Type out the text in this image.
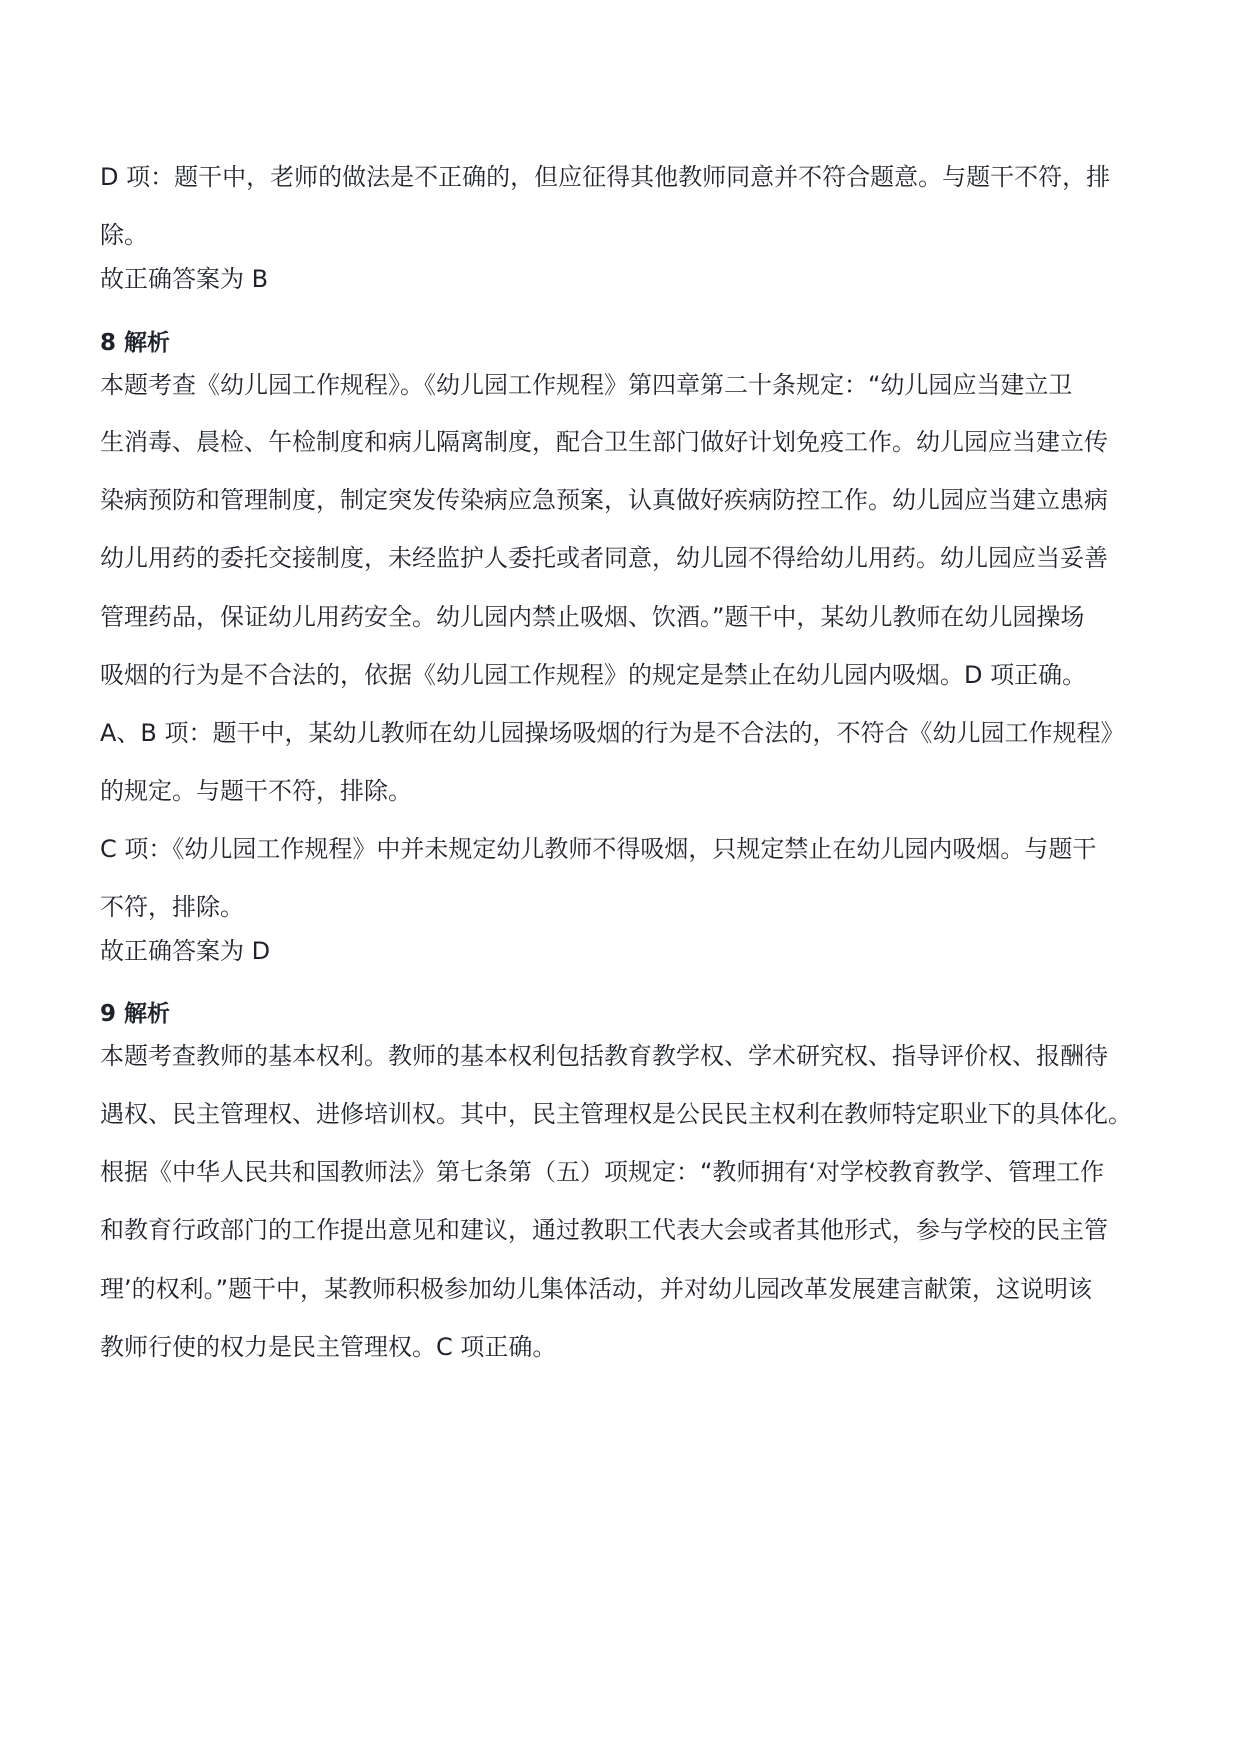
D 项：题干中，老师的做法是不正确的，但应征得其他教师同意并不符合题意。与题干不符，排
除。
故正确答案为 B
8 解析
本题考查《幼儿园工作规程》。《幼儿园工作规程》第四章第二十条规定：“幼儿园应当建立卫
生消毒、晨检、午检制度和病儿隔离制度，配合卫生部门做好计划免疫工作。幼儿园应当建立传
染病预防和管理制度，制定突发传染病应急预案，认真做好疾病防控工作。幼儿园应当建立患病
幼儿用药的委托交接制度，未经监护人委托或者同意，幼儿园不得给幼儿用药。幼儿园应当妥善
管理药品，保证幼儿用药安全。幼儿园内禁止吸烟、饮酒。”题干中，某幼儿教师在幼儿园操场
吸烟的行为是不合法的，依据《幼儿园工作规程》的规定是禁止在幼儿园内吸烟。D 项正确。
A、B 项：题干中，某幼儿教师在幼儿园操场吸烟的行为是不合法的，不符合《幼儿园工作规程》
的规定。与题干不符，排除。
C 项：《幼儿园工作规程》中并未规定幼儿教师不得吸烟，只规定禁止在幼儿园内吸烟。与题干
不符，排除。
故正确答案为 D
9 解析
本题考查教师的基本权利。教师的基本权利包括教育教学权、学术研究权、指导评价权、报酬待
遇权、民主管理权、进修培训权。其中，民主管理权是公民民主权利在教师特定职业下的具体化。
根据《中华人民共和国教师法》第七条第（五）项规定：“教师拥有‘对学校教育教学、管理工作
和教育行政部门的工作提出意见和建议，通过教职工代表大会或者其他形式，参与学校的民主管
理’的权利。”题干中，某教师积极参加幼儿集体活动，并对幼儿园改革发展建言献策，这说明该
教师行使的权力是民主管理权。C 项正确。
